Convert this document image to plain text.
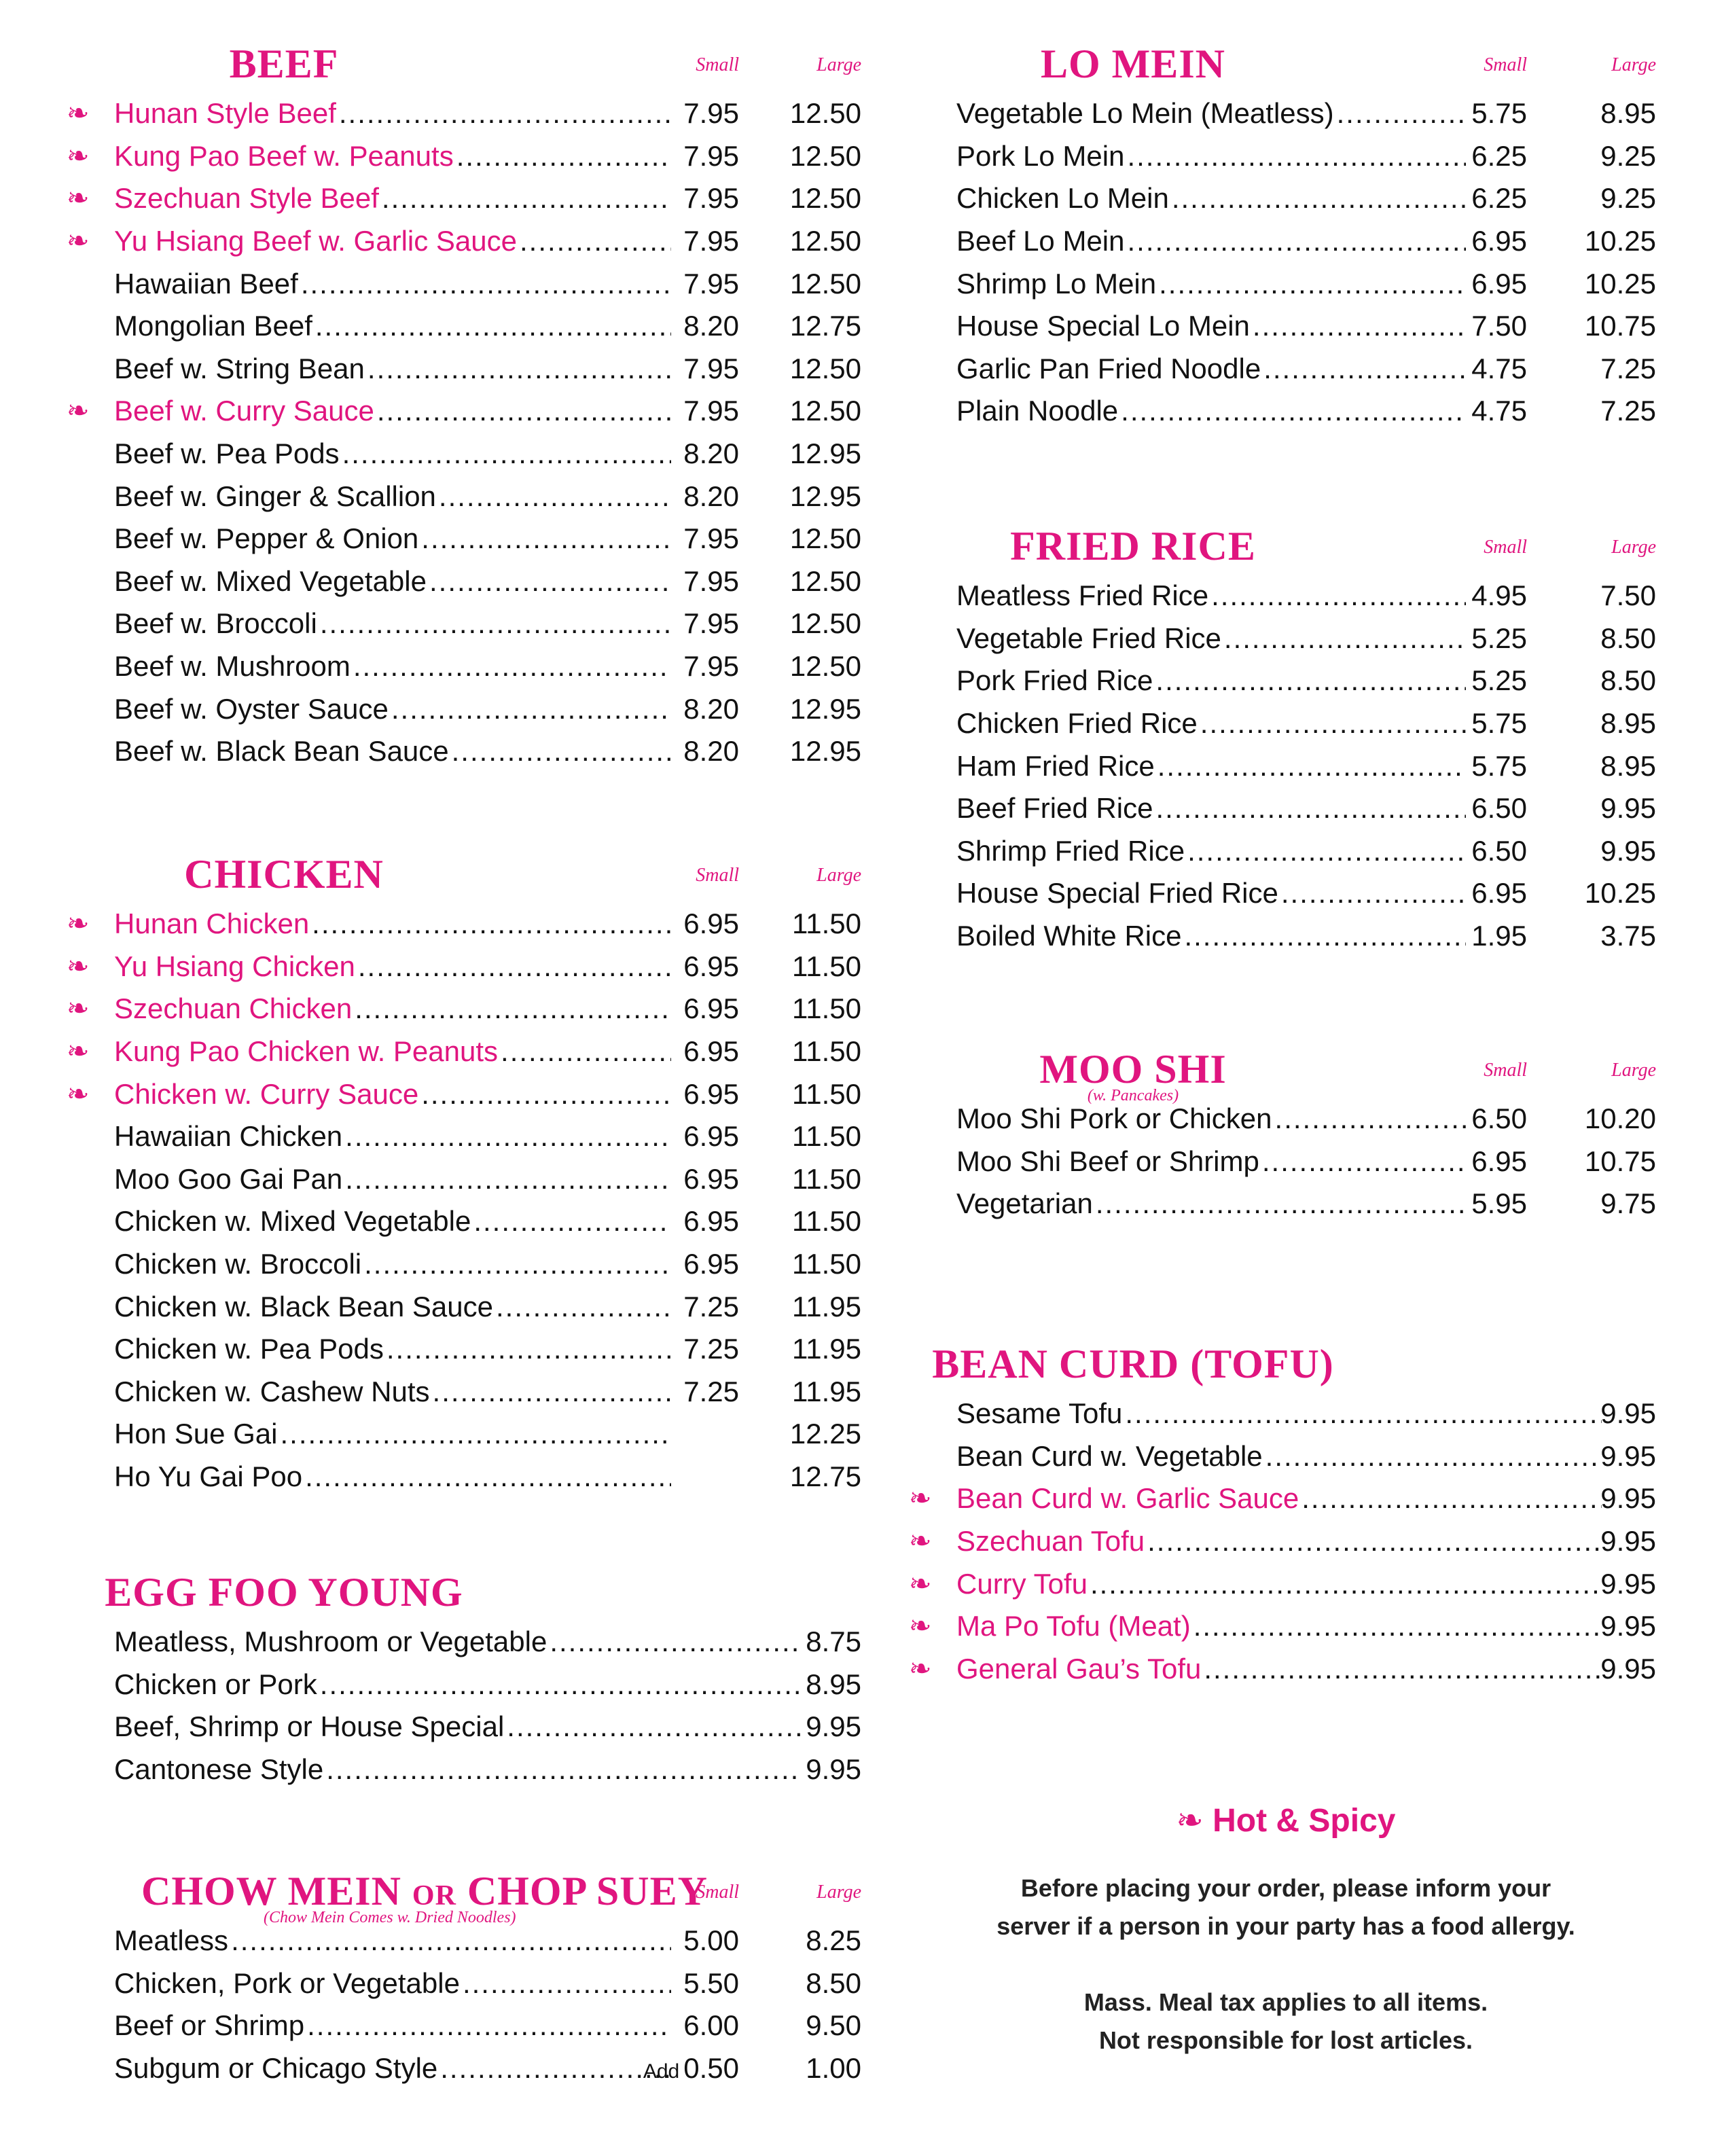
BEEF	Small	Large
❧ Hunan Style Beef .....	7.95 12.50
❧ Kung Pao Beef w. Peanuts .....	7.95 12.50
❧ Szechuan Style Beef .....	7.95 12.50
❧ Yu Hsiang Beef w. Garlic Sauce .....	7.95 12.50
Hawaiian Beef .....	7.95 12.50
Mongolian Beef .....	8.20 12.75
Beef w. String Bean .....	7.95 12.50
❧ Beef w. Curry Sauce .....	7.95 12.50
Beef w. Pea Pods .....	8.20 12.95
Beef w. Ginger & Scallion .....	8.20 12.95
Beef w. Pepper & Onion .....	7.95 12.50
Beef w. Mixed Vegetable .....	7.95 12.50
Beef w. Broccoli .....	7.95 12.50
Beef w. Mushroom .....	7.95 12.50
Beef w. Oyster Sauce .....	8.20 12.95
Beef w. Black Bean Sauce .....	8.20 12.95
CHICKEN	Small	Large
❧ Hunan Chicken .....	6.95 11.50
❧ Yu Hsiang Chicken .....	6.95 11.50
❧ Szechuan Chicken .....	6.95 11.50
❧ Kung Pao Chicken w. Peanuts .....	6.95 11.50
❧ Chicken w. Curry Sauce .....	6.95 11.50
Hawaiian Chicken .....	6.95 11.50
Moo Goo Gai Pan .....	6.95 11.50
Chicken w. Mixed Vegetable .....	6.95 11.50
Chicken w. Broccoli .....	6.95 11.50
Chicken w. Black Bean Sauce .....	7.25 11.95
Chicken w. Pea Pods .....	7.25 11.95
Chicken w. Cashew Nuts .....	7.25 11.95
Hon Sue Gai .....	12.25
Ho Yu Gai Poo .....	12.75
EGG FOO YOUNG
Meatless, Mushroom or Vegetable .....	8.75
Chicken or Pork .....	8.95
Beef, Shrimp or House Special .....	9.95
Cantonese Style .....	9.95
CHOW MEIN or CHOP SUEY
(Chow Mein Comes w. Dried Noodles)
Small	Large
Meatless .....	5.00 8.25
Chicken, Pork or Vegetable .....	5.50 8.50
Beef or Shrimp .....	6.00 9.50
Subgum or Chicago Style .....	Add 0.50 1.00
LO MEIN	Small	Large
Vegetable Lo Mein (Meatless) .....	5.75	8.95
Pork Lo Mein .....	6.25	9.25
Chicken Lo Mein .....	6.25	9.25
Beef Lo Mein .....	6.95 10.25
Shrimp Lo Mein .....	6.95 10.25
House Special Lo Mein .....	7.50 10.75
Garlic Pan Fried Noodle .....	4.75	7.25
Plain Noodle .....	4.75	7.25
FRIED RICE	Small	Large
Meatless Fried Rice .....	4.95	7.50
Vegetable Fried Rice .....	5.25	8.50
Pork Fried Rice .....	5.25	8.50
Chicken Fried Rice .....	5.75	8.95
Ham Fried Rice .....	5.75	8.95
Beef Fried Rice .....	6.50	9.95
Shrimp Fried Rice .....	6.50	9.95
House Special Fried Rice .....	6.95 10.25
Boiled White Rice .....	1.95	3.75
MOO SHI
(w. Pancakes)
Small	Large
Moo Shi Pork or Chicken .....	6.50 10.20
Moo Shi Beef or Shrimp .....	6.95 10.75
Vegetarian .....	5.95	9.75
BEAN CURD (TOFU)
Sesame Tofu .....	9.95
Bean Curd w. Vegetable .....	9.95
❧ Bean Curd w. Garlic Sauce .....	9.95
❧ Szechuan Tofu .....	9.95
❧ Curry Tofu .....	9.95
❧ Ma Po Tofu (Meat) .....	9.95
❧ General Gau’s Tofu .....	9.95
❧ Hot & Spicy
Before placing your order, please inform your
server if a person in your party has a food allergy.
Mass. Meal tax applies to all items.
Not responsible for lost articles.
